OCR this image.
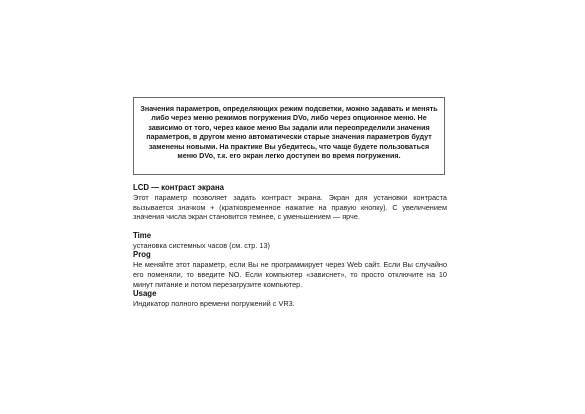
Значения параметров, определяющих режим подсветки, можно задавать и менять либо через меню режимов погружения DVo, либо через опционное меню. Не зависимо от того, через какое меню Вы задали или переопределили значения параметров, в другом меню автоматически старые значения параметров будут заменены новыми. На практике Вы убедитесь, что чаще будете пользоваться меню DVo, т.к. его экран легко доступен во время погружения.
LCD — контраст экрана

Этот параметр позволяет задать контраст экрана. Экран для установки контраста вызывается значком + (кратковременное нажатие на правую кнопку). С увеличением значения числа экран становится темнее, с уменьшением — ярче.

Time

установка системных часов (см. стр. 13)

Prog

Не меняйте этот параметр, если Вы не программирует через Web сайт. Если Вы случайно его поменяли, то введите NO. Если компьютер «зависнет», то просто отключите на 10 минут питание и потом перезагрузите компьютер.

Usage

Индикатор полного времени погружений с VR3.
